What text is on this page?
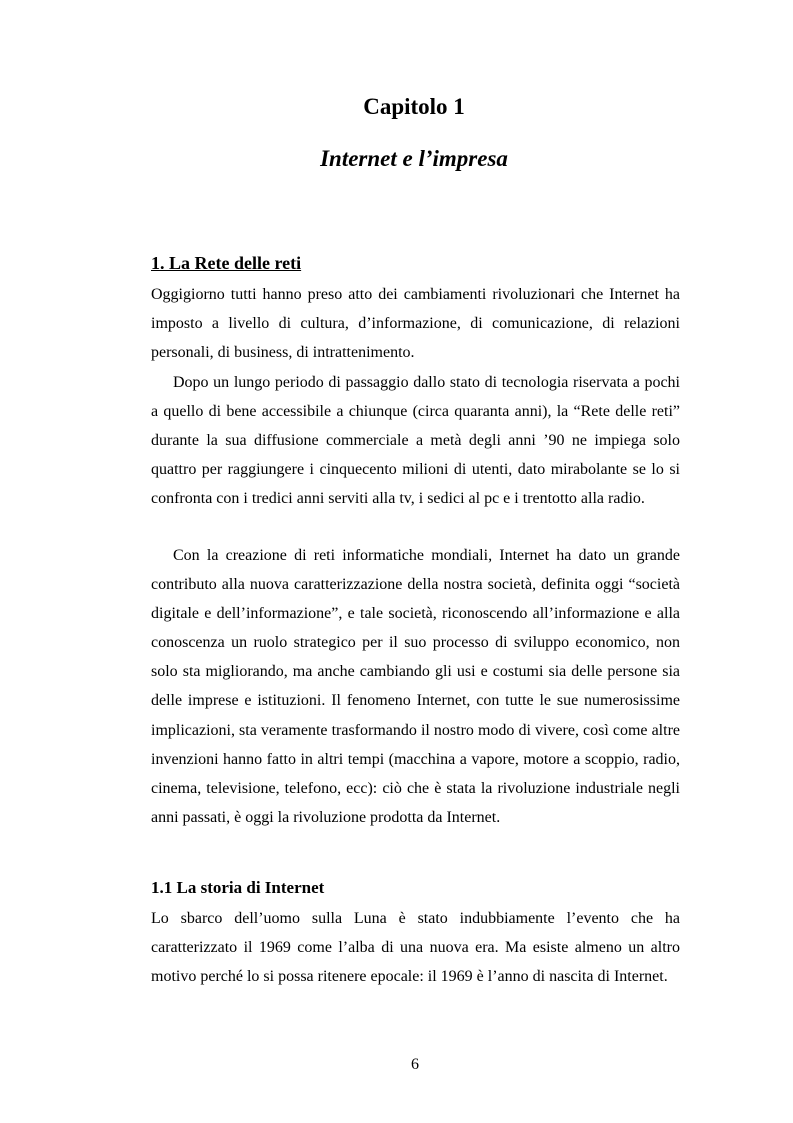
Capitolo 1
Internet e l’impresa
1. La Rete delle reti

Oggigiorno tutti hanno preso atto dei cambiamenti rivoluzionari che Internet ha imposto a livello di cultura, d’informazione, di comunicazione, di relazioni personali, di business, di intrattenimento.

Dopo un lungo periodo di passaggio dallo stato di tecnologia riservata a pochi a quello di bene accessibile a chiunque (circa quaranta anni), la “Rete delle reti” durante la sua diffusione commerciale a metà degli anni ’90 ne impiega solo quattro per raggiungere i cinquecento milioni di utenti, dato mirabolante se lo si confronta con i tredici anni serviti alla tv, i sedici al pc e i trentotto alla radio.

Con la creazione di reti informatiche mondiali, Internet ha dato un grande contributo alla nuova caratterizzazione della nostra società, definita oggi “società digitale e dell’informazione”, e tale società, riconoscendo all’informazione e alla conoscenza un ruolo strategico per il suo processo di sviluppo economico, non solo sta migliorando, ma anche cambiando gli usi e costumi sia delle persone sia delle imprese e istituzioni. Il fenomeno Internet, con tutte le sue numerosissime implicazioni, sta veramente trasformando il nostro modo di vivere, così come altre invenzioni hanno fatto in altri tempi (macchina a vapore, motore a scoppio, radio, cinema, televisione, telefono, ecc): ciò che è stata la rivoluzione industriale negli anni passati, è oggi la rivoluzione prodotta da Internet.

1.1 La storia di Internet

Lo sbarco dell’uomo sulla Luna è stato indubbiamente l’evento che ha caratterizzato il 1969 come l’alba di una nuova era. Ma esiste almeno un altro motivo perché lo si possa ritenere epocale: il 1969 è l’anno di nascita di Internet.

6
